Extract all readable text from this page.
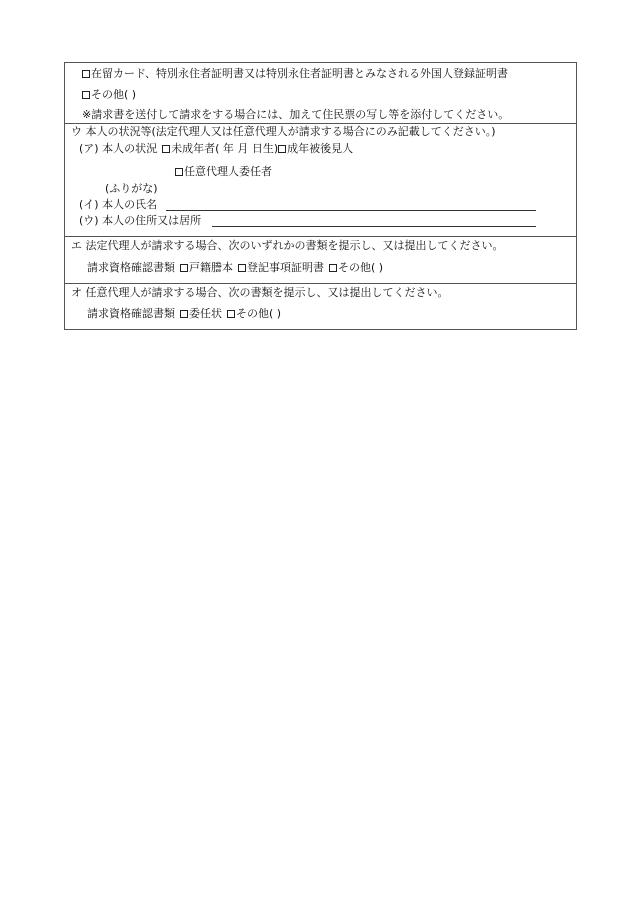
在留カード、特別永住者証明書又は特別永住者証明書とみなされる外国人登録証明書
その他( )
※請求書を送付して請求をする場合には、加えて住民票の写し等を添付してください。
ウ 本人の状況等(法定代理人又は任意代理人が請求する場合にのみ記載してください。)
(ア) 本人の状況 未成年者( 年 月 日生) 成年被後見人
任意代理人委任者
(ふりがな)
(イ) 本人の氏名
(ウ) 本人の住所又は居所
エ 法定代理人が請求する場合、次のいずれかの書類を提示し、又は提出してください。
請求資格確認書類 戸籍謄本 登記事項証明書 その他( )
オ 任意代理人が請求する場合、次の書類を提示し、又は提出してください。
請求資格確認書類 委任状 その他( )
